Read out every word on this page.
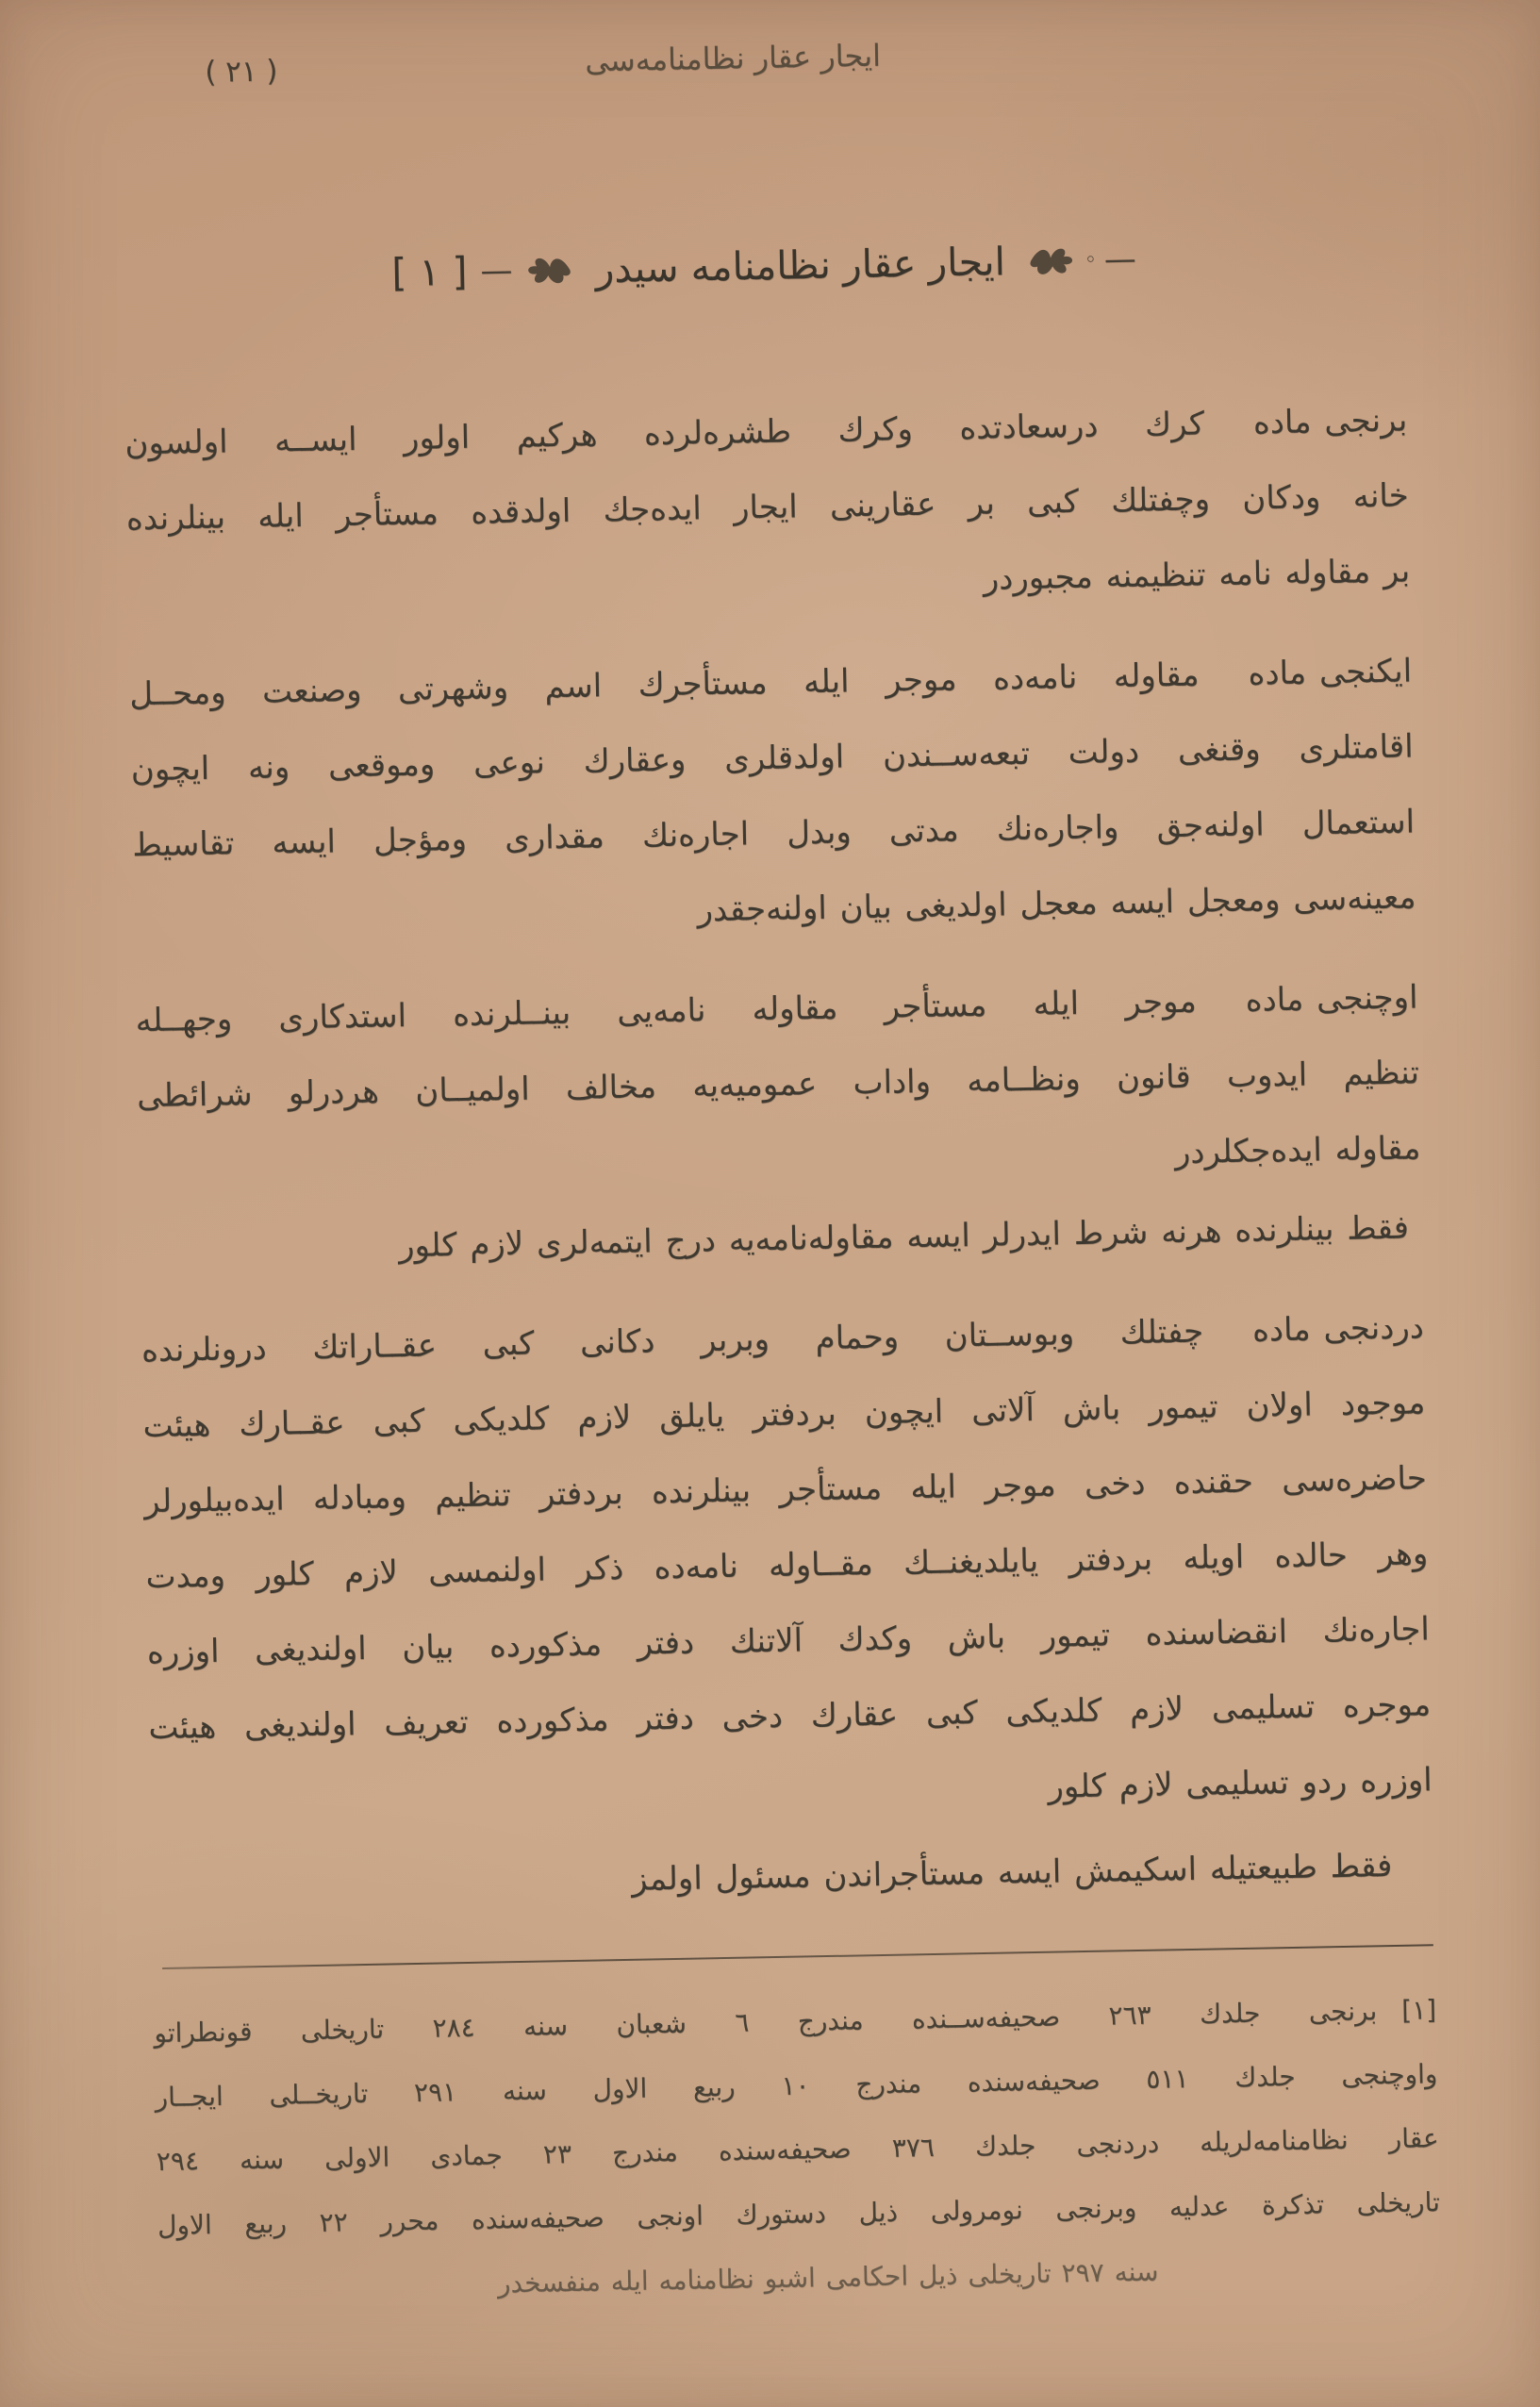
( ٢١ )	ايجار عقار نظامنامه‌سى
[ ١ ] — ايجار عقار نظامنامه سيدر	◦ —
برنجى ماده
كرك درسعادتده وكرك طشره‌لرده هركيم اولور ايســه اولسون
خانه ودكان وچفتلك كبى بر عقارينى ايجار ايده‌جك اولدقده مستأجر ايله بينلرنده
بر مقاوله نامه تنظيمنه مجبوردر
ايكنجى ماده
مقاوله نامه‌ده موجر ايله مستأجرك اسم وشهرتى وصنعت ومحــل
اقامتلرى وقنغى دولت تبعه‌ســندن اولدقلرى وعقارك نوعى وموقعى ونه ايچون
استعمال اولنه‌جق واجاره‌نك مدتى وبدل اجاره‌نك مقدارى ومؤجل ايسه تقاسيط
معينه‌سى ومعجل ايسه معجل اولديغى بيان اولنه‌جقدر
اوچنجى ماده
موجر ايله مستأجر مقاوله نامه‌يى بينــلرنده استدكارى وجهــله
تنظيم ايدوب قانون ونظــامه واداب عموميه‌يه مخالف اولميــان هردرلو شرائطى
مقاوله ايده‌جكلردر
فقط بينلرنده هرنه شرط ايدرلر ايسه مقاوله‌نامه‌يه درج ايتمه‌لرى لازم كلور
دردنجى ماده
چفتلك وبوســتان وحمام وبربر دكانى كبى عقــاراتك درونلرنده
موجود اولان تيمور باش آلاتى ايچون بردفتر يايلق لازم كلديكى كبى عقــارك هيئت
حاضره‌سى حقنده دخى موجر ايله مستأجر بينلرنده بردفتر تنظيم ومبادله ايده‌بيلورلر
وهر حالده اويله بردفتر يايلديغنــك مقــاوله نامه‌ده ذكر اولنمسى لازم كلور ومدت
اجاره‌نك انقضاسنده تيمور باش وكدك آلاتنك دفتر مذكورده بيان اولنديغى اوزره
موجره تسليمى لازم كلديكى كبى عقارك دخى دفتر مذكورده تعريف اولنديغى هيئت
اوزره ردو تسليمى لازم كلور
فقط طبيعتيله اسكيمش ايسه مستأجراندن مسئول اولمز
[١]
برنجى جلدك ٢٦٣ صحيفه‌ســنده مندرج ٦ شعبان سنه ٢٨٤ تاريخلى قونطراتو
واوچنجى جلدك ٥١١ صحيفه‌سنده مندرج ١٠ ربيع الاول سنه ٢٩١ تاريخــلى ايجــار
عقار نظامنامه‌لريله دردنجى جلدك ٣٧٦ صحيفه‌سنده مندرج ٢٣ جمادى الاولى سنه ٢٩٤
تاريخلى تذكرة عدليه وبرنجى نومرولى ذيل دستورك اونجى صحيفه‌سنده محرر ٢٢ ربيع الاول
سنه ٢٩٧ تاريخلى ذيل احكامى اشبو نظامنامه ايله منفسخدر
